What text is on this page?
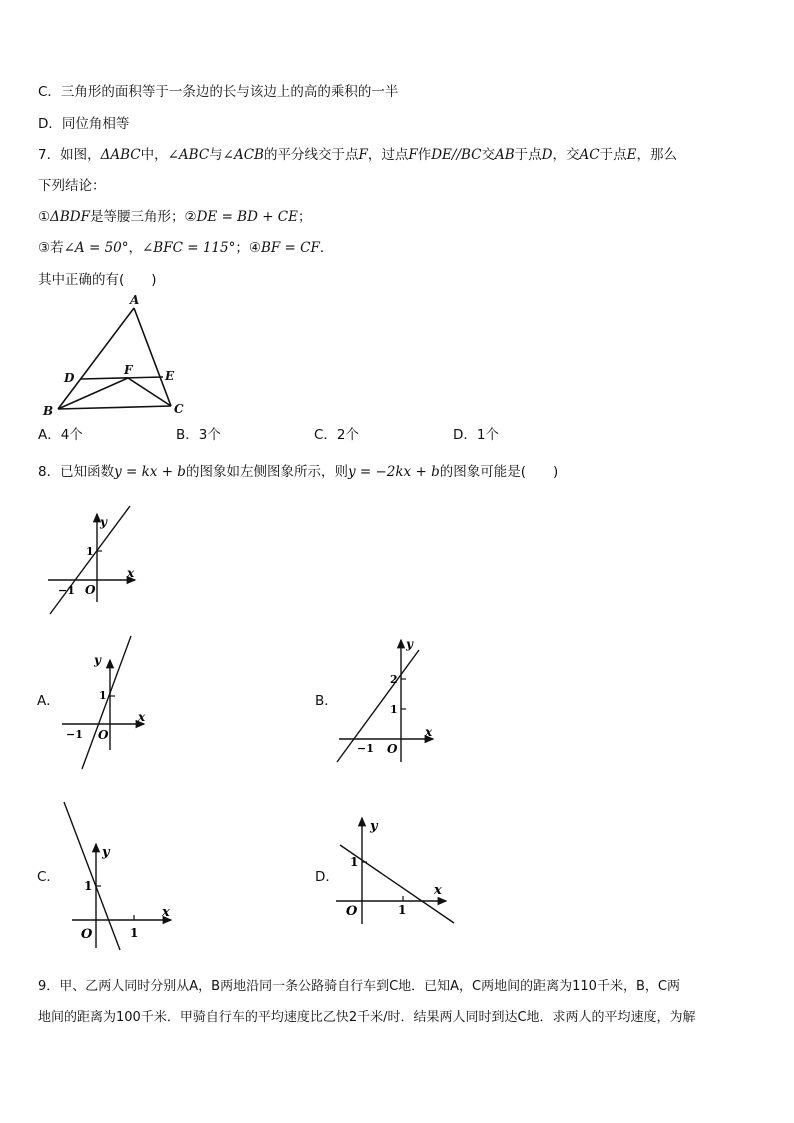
C．三角形的面积等于一条边的长与该边上的高的乘积的一半
D．同位角相等
7．如图，ΔABC中，∠ABC与∠ACB的平分线交于点F，过点F作DE//BC交AB于点D，交AC于点E，那么
下列结论：
①ΔBDF是等腰三角形；②DE = BD + CE；
③若∠A = 50°，∠BFC = 115°；④BF = CF．
其中正确的有(　　)
A
B	C
D	E
F
A．4个	B．3个	C．2个	D．1个
8．已知函数y = kx + b的图象如左侧图象所示，则y = −2kx + b的图象可能是(　　)
x
y
O
1
−1
A．
x
y
O
1
−1
B．
x
y
O
1
2
−1
C．
x
y
O
1
1
D．
x
y
O
1
1
9．甲、乙两人同时分别从A，B两地沿同一条公路骑自行车到C地．已知A，C两地间的距离为110千米，B，C两
地间的距离为100千米．甲骑自行车的平均速度比乙快2千米/时．结果两人同时到达C地．求两人的平均速度，为解
